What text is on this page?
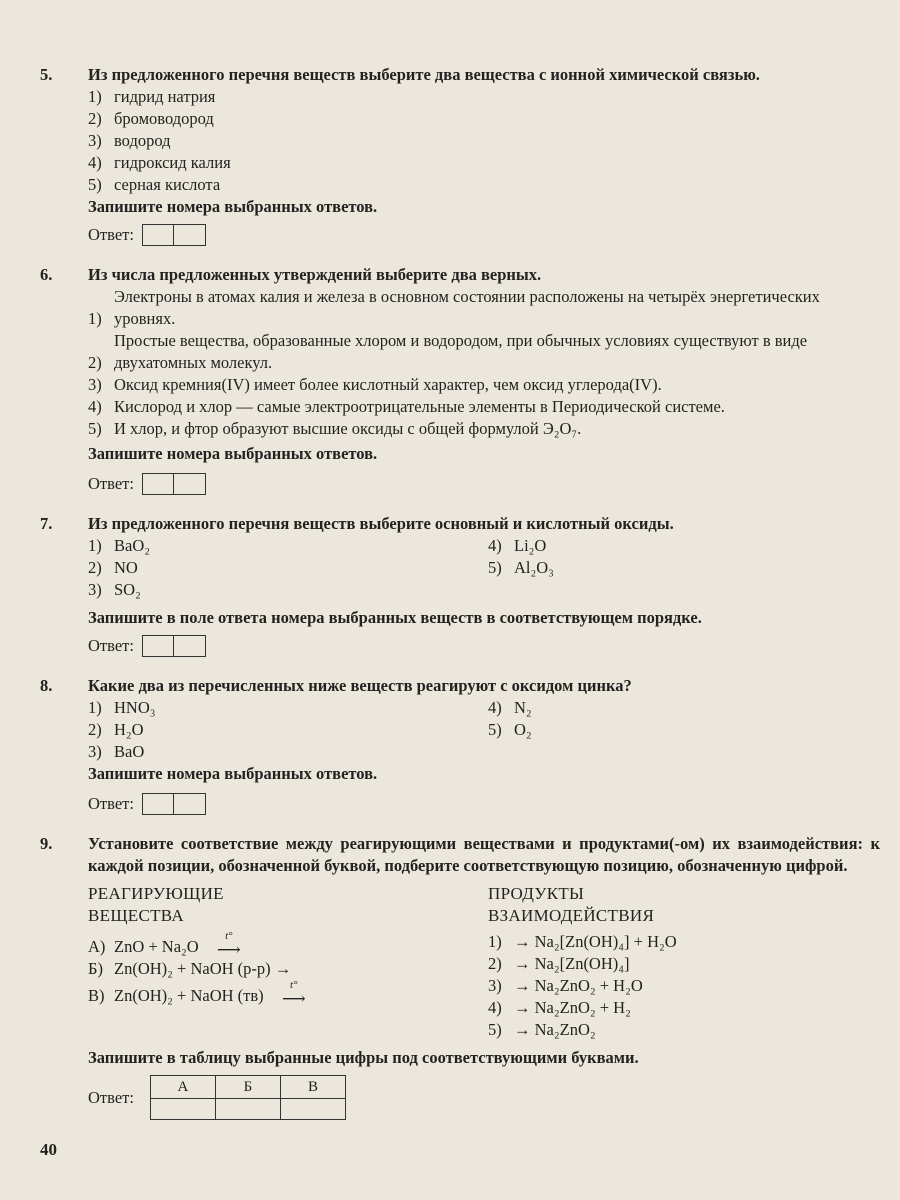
5. Из предложенного перечня веществ выберите два вещества с ионной химической связью.
1) гидрид натрия
2) бромоводород
3) водород
4) гидроксид калия
5) серная кислота
Запишите номера выбранных ответов.
Ответ:
6. Из числа предложенных утверждений выберите два верных.
1)
Электроны в атомах калия и железа в основном состоянии расположены на четырёх энергетических уровнях.
2)
Простые вещества, образованные хлором и водородом, при обычных условиях существуют в виде двухатомных молекул.
3) Оксид кремния(IV) имеет более кислотный характер, чем оксид углерода(IV).
4) Кислород и хлор — самые электроотрицательные элементы в Периодической системе.
5) И хлор, и фтор образуют высшие оксиды с общей формулой Э₂O₇.
Запишите номера выбранных ответов.
Ответ:
7. Из предложенного перечня веществ выберите основный и кислотный оксиды.
1) BaO₂
2) NO
3) SO₂
4) Li₂O
5) Al₂O₃
Запишите в поле ответа номера выбранных веществ в соответствующем порядке.
Ответ:
8. Какие два из перечисленных ниже веществ реагируют с оксидом цинка?
1) HNO₃
2) H₂O
3) BaO
4) N₂
5) O₂
Запишите номера выбранных ответов.
Ответ:
9. Установите соответствие между реагирующими веществами и продуктами(-ом) их взаимодействия: к каждой позиции, обозначенной буквой, подберите соответствующую позицию, обозначенную цифрой.
РЕАГИРУЮЩИЕ
ВЕЩЕСТВА
А) ZnO + Na₂O
t°
⟶
Б) Zn(OH)₂ + NaOH (р-р) →
В) Zn(OH)₂ + NaOH (тв)
t°
⟶
ПРОДУКТЫ
ВЗАИМОДЕЙСТВИЯ
1) → Na₂[Zn(OH)₄] + H₂O
2) → Na₂[Zn(OH)₄]
3) → Na₂ZnO₂ + H₂O
4) → Na₂ZnO₂ + H₂
5) → Na₂ZnO₂
Запишите в таблицу выбранные цифры под соответствующими буквами.
Ответ:
А	Б	В

40
